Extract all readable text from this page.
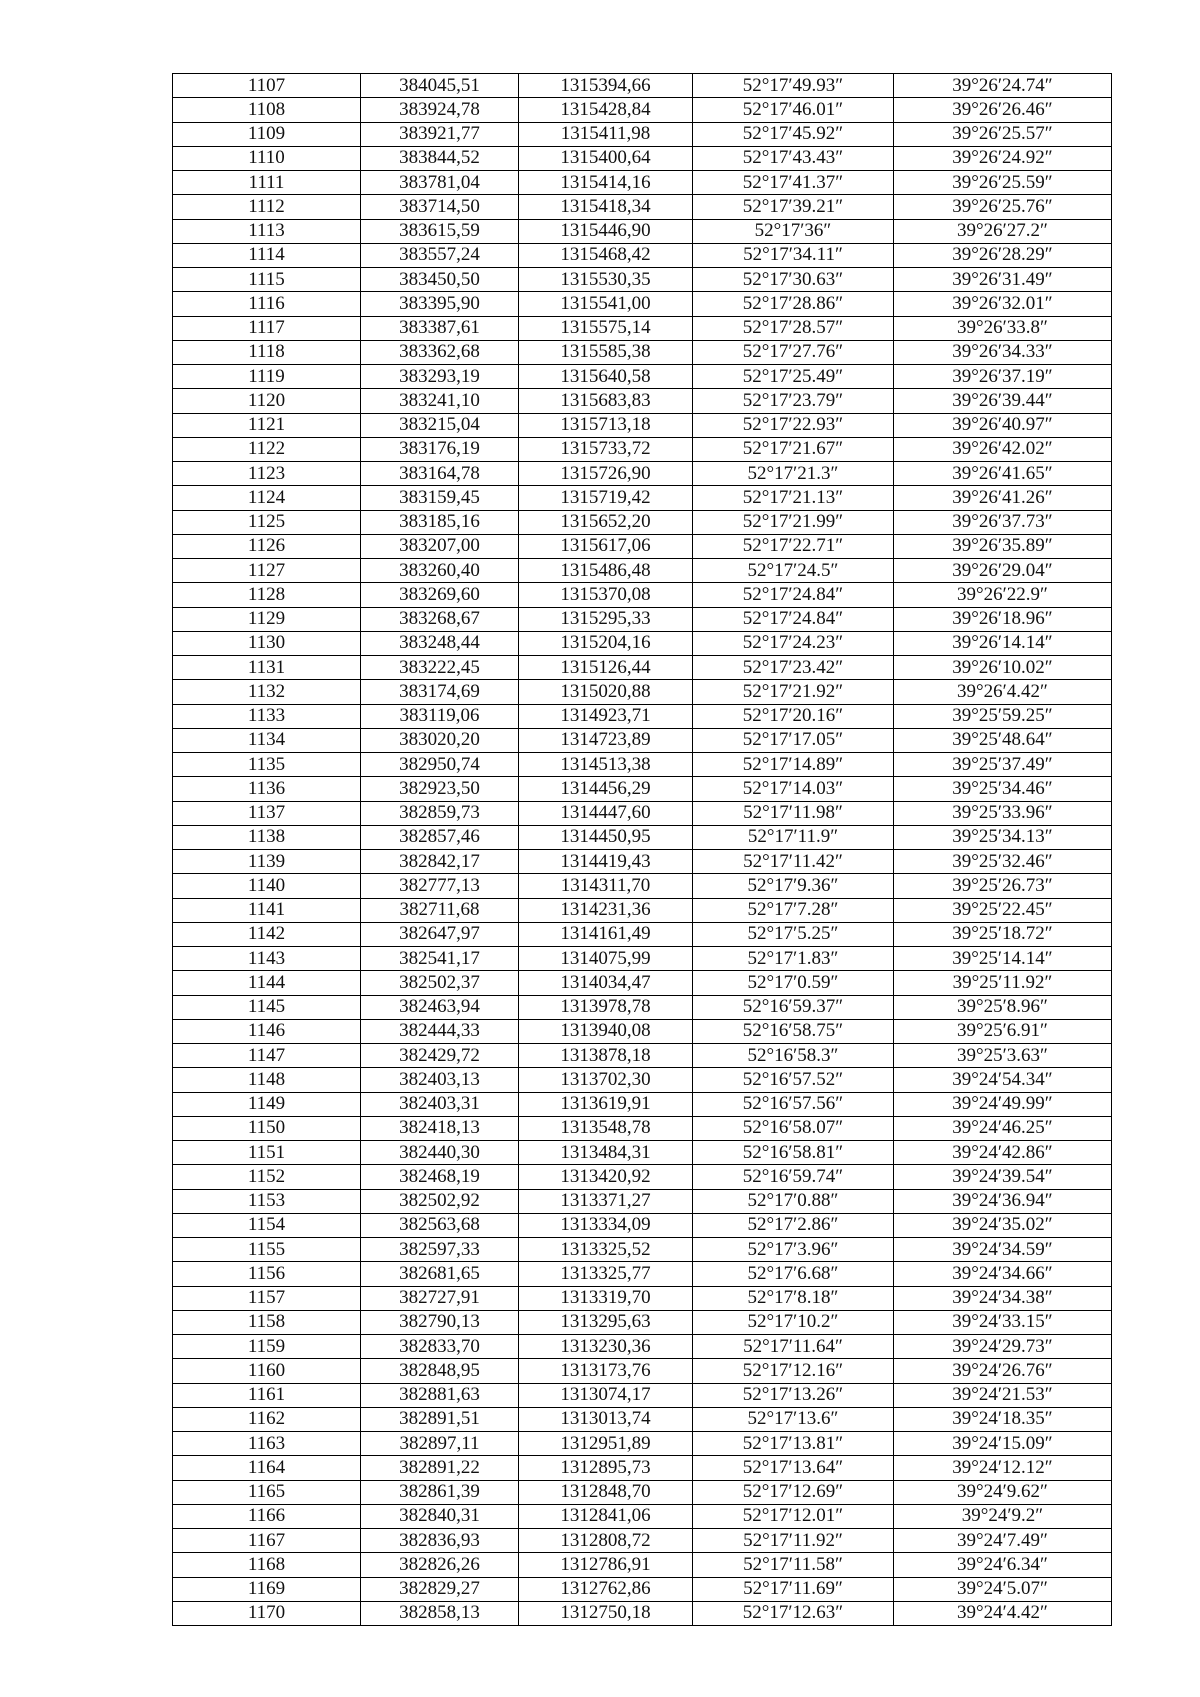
1107	384045,51	1315394,66	52°17′49.93″	39°26′24.74″
1108	383924,78	1315428,84	52°17′46.01″	39°26′26.46″
1109	383921,77	1315411,98	52°17′45.92″	39°26′25.57″
1110	383844,52	1315400,64	52°17′43.43″	39°26′24.92″
1111	383781,04	1315414,16	52°17′41.37″	39°26′25.59″
1112	383714,50	1315418,34	52°17′39.21″	39°26′25.76″
1113	383615,59	1315446,90	52°17′36″	39°26′27.2″
1114	383557,24	1315468,42	52°17′34.11″	39°26′28.29″
1115	383450,50	1315530,35	52°17′30.63″	39°26′31.49″
1116	383395,90	1315541,00	52°17′28.86″	39°26′32.01″
1117	383387,61	1315575,14	52°17′28.57″	39°26′33.8″
1118	383362,68	1315585,38	52°17′27.76″	39°26′34.33″
1119	383293,19	1315640,58	52°17′25.49″	39°26′37.19″
1120	383241,10	1315683,83	52°17′23.79″	39°26′39.44″
1121	383215,04	1315713,18	52°17′22.93″	39°26′40.97″
1122	383176,19	1315733,72	52°17′21.67″	39°26′42.02″
1123	383164,78	1315726,90	52°17′21.3″	39°26′41.65″
1124	383159,45	1315719,42	52°17′21.13″	39°26′41.26″
1125	383185,16	1315652,20	52°17′21.99″	39°26′37.73″
1126	383207,00	1315617,06	52°17′22.71″	39°26′35.89″
1127	383260,40	1315486,48	52°17′24.5″	39°26′29.04″
1128	383269,60	1315370,08	52°17′24.84″	39°26′22.9″
1129	383268,67	1315295,33	52°17′24.84″	39°26′18.96″
1130	383248,44	1315204,16	52°17′24.23″	39°26′14.14″
1131	383222,45	1315126,44	52°17′23.42″	39°26′10.02″
1132	383174,69	1315020,88	52°17′21.92″	39°26′4.42″
1133	383119,06	1314923,71	52°17′20.16″	39°25′59.25″
1134	383020,20	1314723,89	52°17′17.05″	39°25′48.64″
1135	382950,74	1314513,38	52°17′14.89″	39°25′37.49″
1136	382923,50	1314456,29	52°17′14.03″	39°25′34.46″
1137	382859,73	1314447,60	52°17′11.98″	39°25′33.96″
1138	382857,46	1314450,95	52°17′11.9″	39°25′34.13″
1139	382842,17	1314419,43	52°17′11.42″	39°25′32.46″
1140	382777,13	1314311,70	52°17′9.36″	39°25′26.73″
1141	382711,68	1314231,36	52°17′7.28″	39°25′22.45″
1142	382647,97	1314161,49	52°17′5.25″	39°25′18.72″
1143	382541,17	1314075,99	52°17′1.83″	39°25′14.14″
1144	382502,37	1314034,47	52°17′0.59″	39°25′11.92″
1145	382463,94	1313978,78	52°16′59.37″	39°25′8.96″
1146	382444,33	1313940,08	52°16′58.75″	39°25′6.91″
1147	382429,72	1313878,18	52°16′58.3″	39°25′3.63″
1148	382403,13	1313702,30	52°16′57.52″	39°24′54.34″
1149	382403,31	1313619,91	52°16′57.56″	39°24′49.99″
1150	382418,13	1313548,78	52°16′58.07″	39°24′46.25″
1151	382440,30	1313484,31	52°16′58.81″	39°24′42.86″
1152	382468,19	1313420,92	52°16′59.74″	39°24′39.54″
1153	382502,92	1313371,27	52°17′0.88″	39°24′36.94″
1154	382563,68	1313334,09	52°17′2.86″	39°24′35.02″
1155	382597,33	1313325,52	52°17′3.96″	39°24′34.59″
1156	382681,65	1313325,77	52°17′6.68″	39°24′34.66″
1157	382727,91	1313319,70	52°17′8.18″	39°24′34.38″
1158	382790,13	1313295,63	52°17′10.2″	39°24′33.15″
1159	382833,70	1313230,36	52°17′11.64″	39°24′29.73″
1160	382848,95	1313173,76	52°17′12.16″	39°24′26.76″
1161	382881,63	1313074,17	52°17′13.26″	39°24′21.53″
1162	382891,51	1313013,74	52°17′13.6″	39°24′18.35″
1163	382897,11	1312951,89	52°17′13.81″	39°24′15.09″
1164	382891,22	1312895,73	52°17′13.64″	39°24′12.12″
1165	382861,39	1312848,70	52°17′12.69″	39°24′9.62″
1166	382840,31	1312841,06	52°17′12.01″	39°24′9.2″
1167	382836,93	1312808,72	52°17′11.92″	39°24′7.49″
1168	382826,26	1312786,91	52°17′11.58″	39°24′6.34″
1169	382829,27	1312762,86	52°17′11.69″	39°24′5.07″
1170	382858,13	1312750,18	52°17′12.63″	39°24′4.42″
